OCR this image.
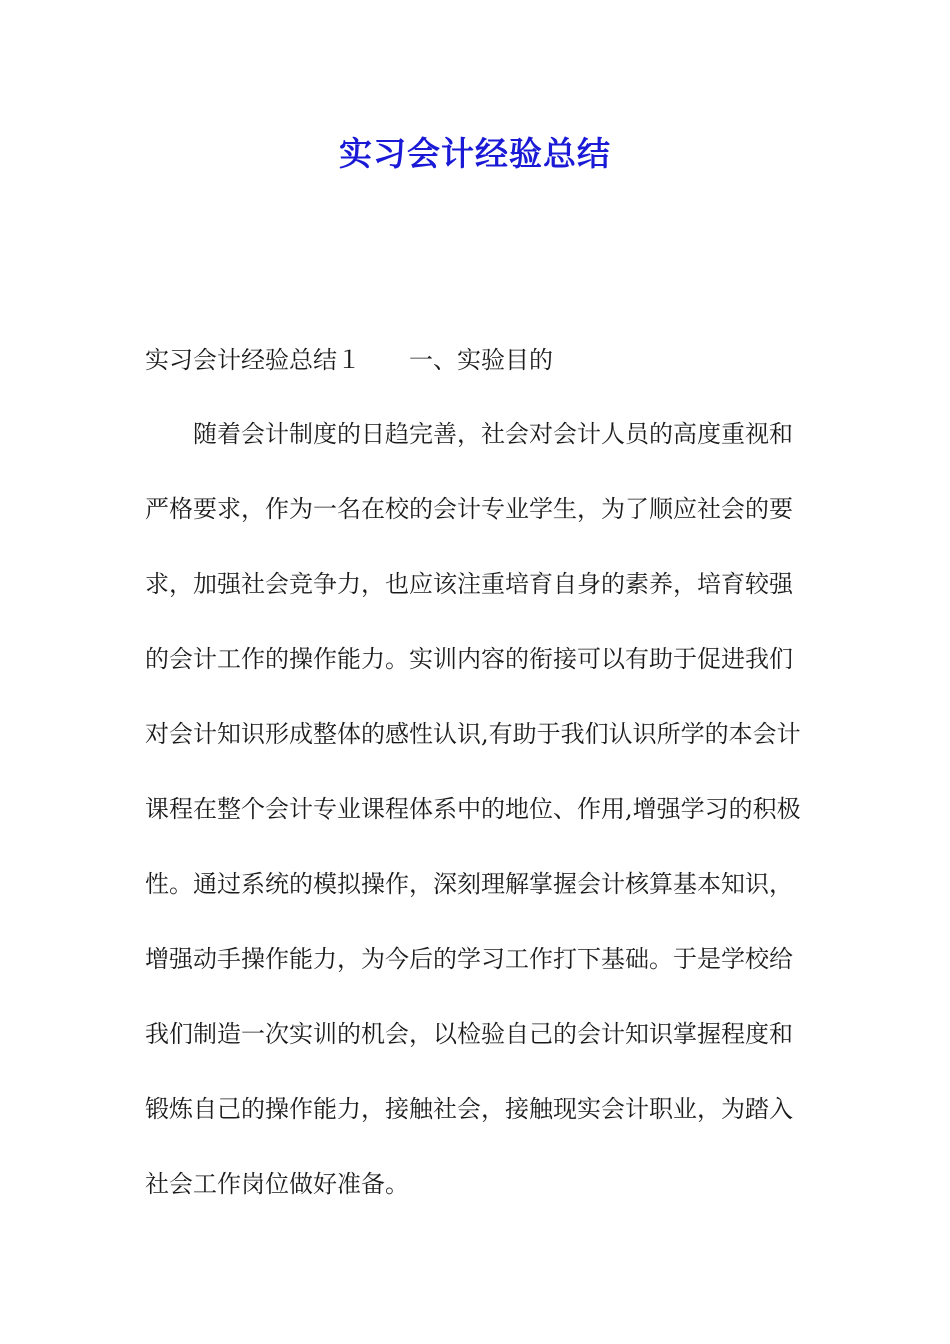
实习会计经验总结
实习会计经验总结１ 一、实验目的
　　随着会计制度的日趋完善，社会对会计人员的高度重视和
严格要求，作为一名在校的会计专业学生，为了顺应社会的要
求，加强社会竞争力，也应该注重培育自身的素养，培育较强
的会计工作的操作能力。实训内容的衔接可以有助于促进我们
对会计知识形成整体的感性认识,有助于我们认识所学的本会计
课程在整个会计专业课程体系中的地位、作用,增强学习的积极
性。通过系统的模拟操作，深刻理解掌握会计核算基本知识，
增强动手操作能力，为今后的学习工作打下基础。于是学校给
我们制造一次实训的机会，以检验自己的会计知识掌握程度和
锻炼自己的操作能力，接触社会，接触现实会计职业，为踏入
社会工作岗位做好准备。
